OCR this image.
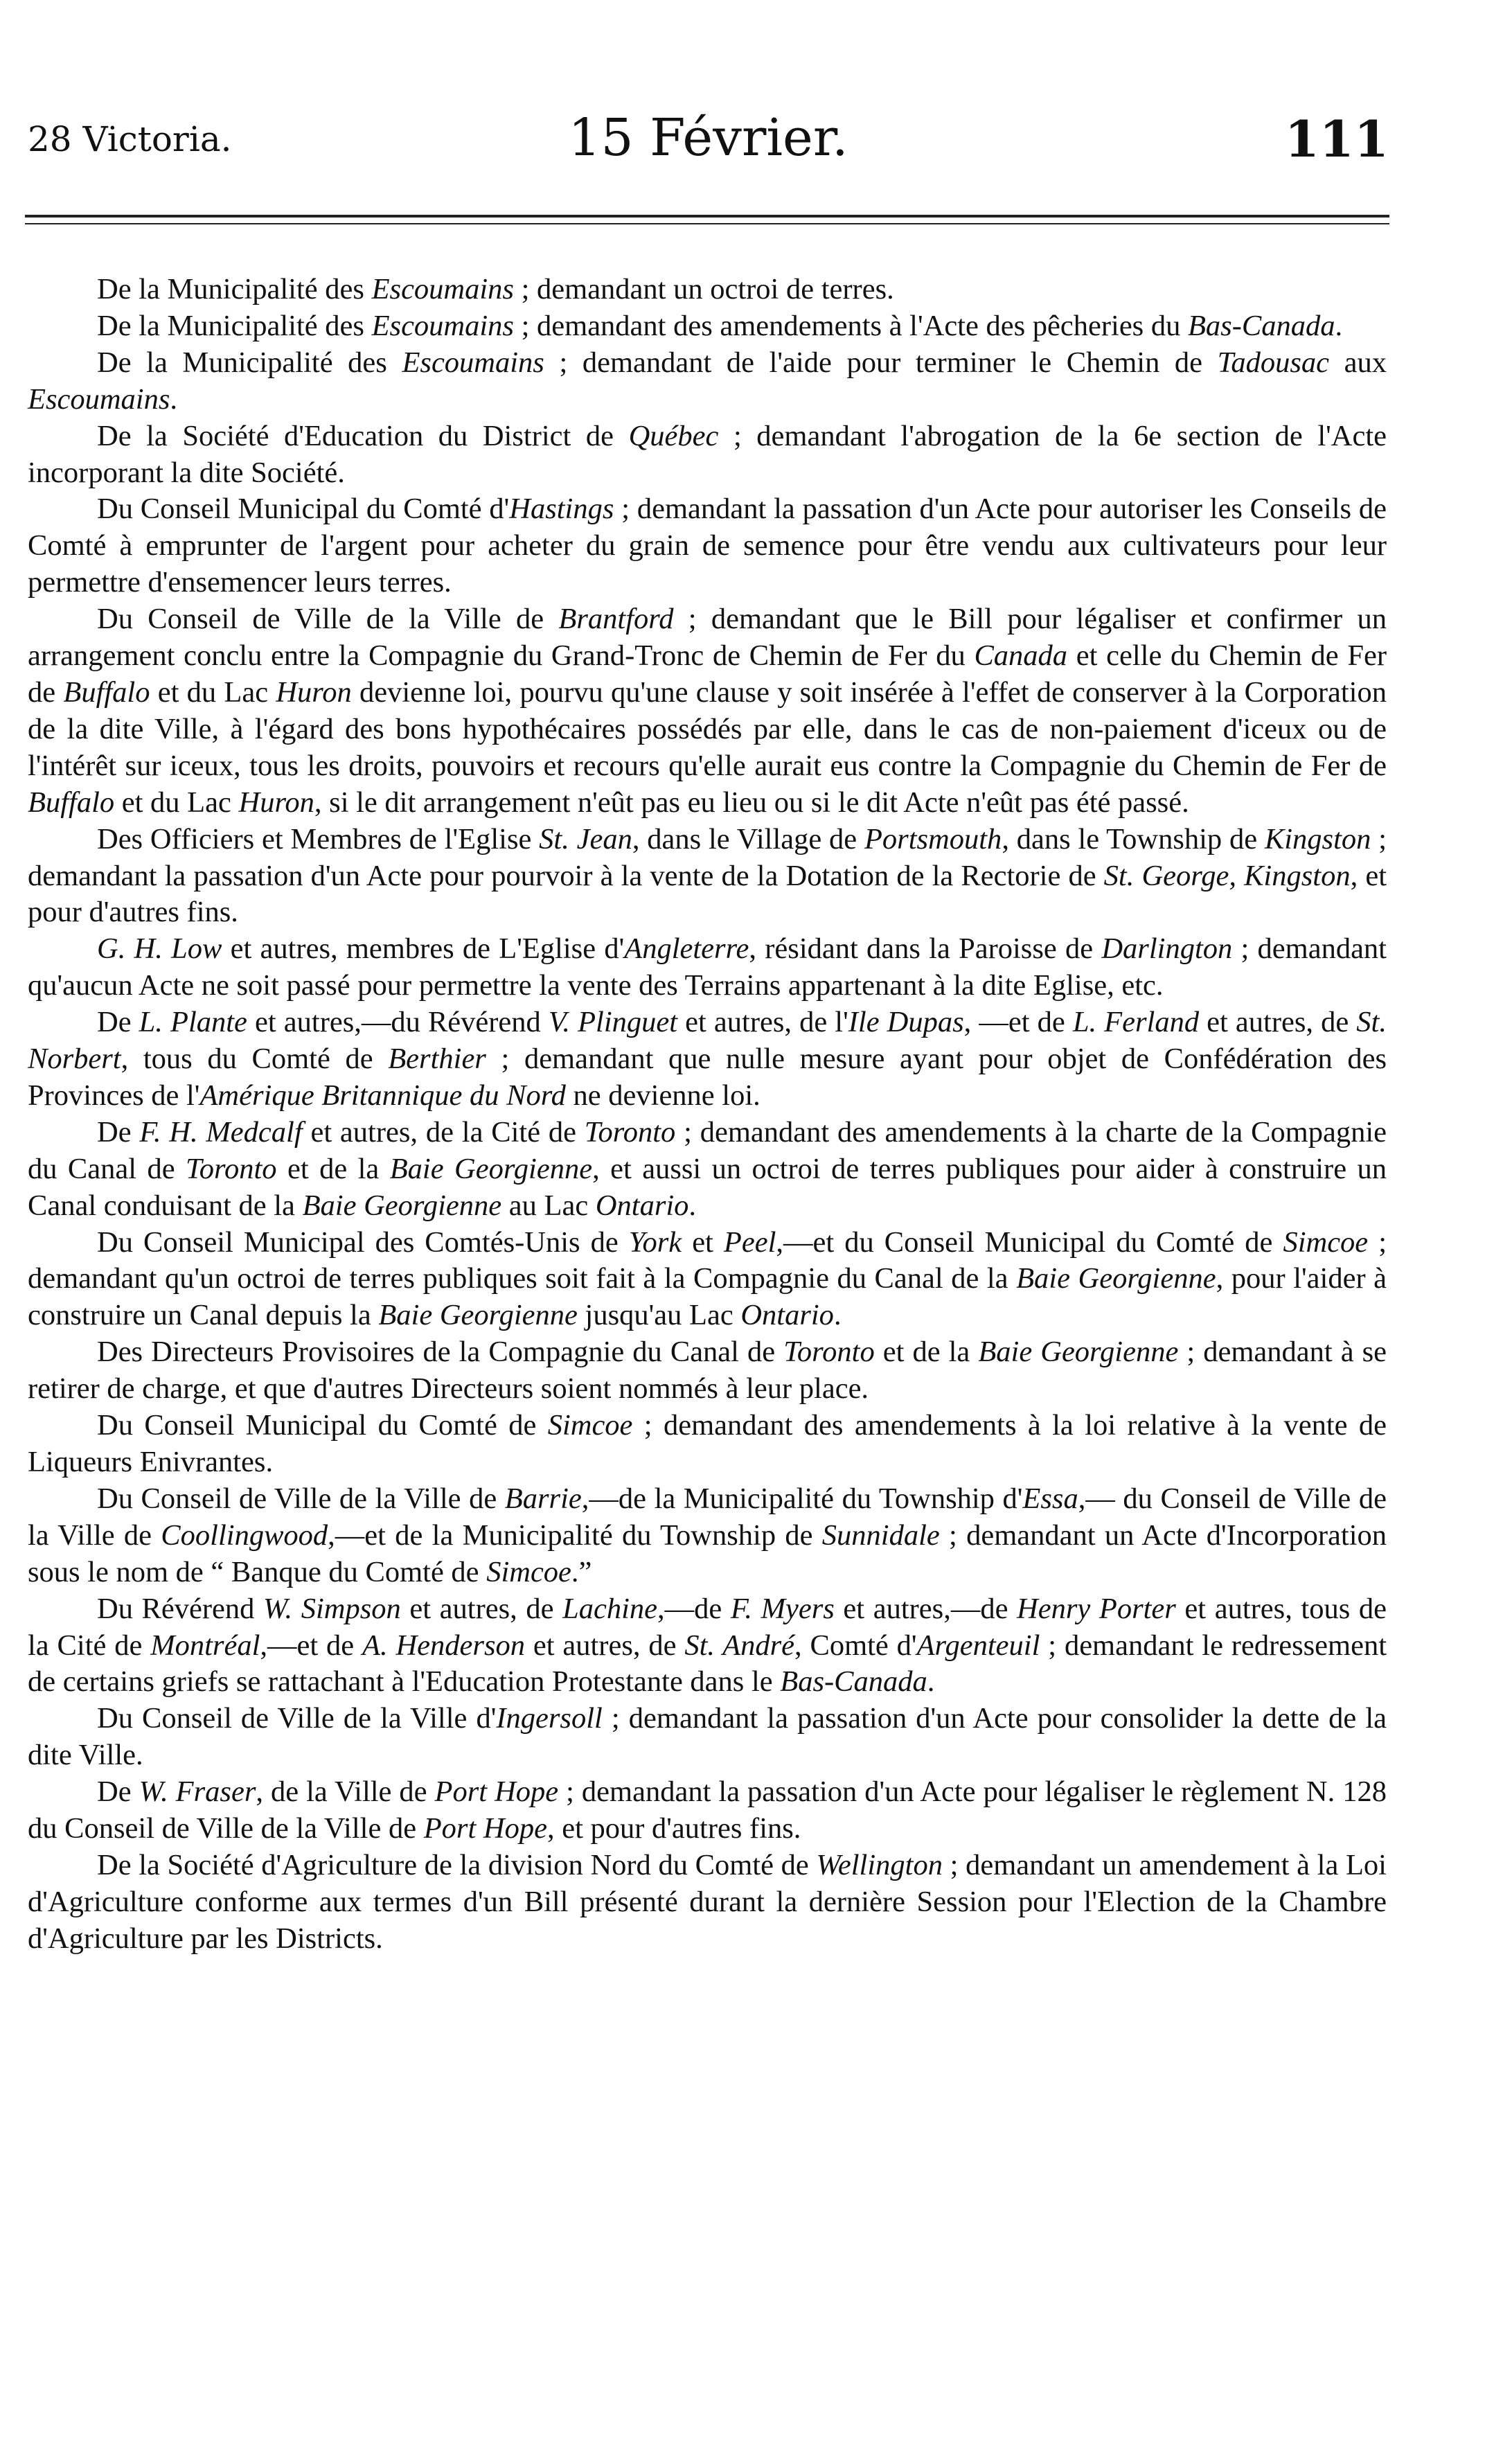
28 Victoria.	15 Février.	111

De la Municipalité des Escoumains ; demandant un octroi de terres.

De la Municipalité des Escoumains ; demandant des amendements à l'Acte des pêcheries du Bas-Canada.

De la Municipalité des Escoumains ; demandant de l'aide pour terminer le Chemin de Tadousac aux Escoumains.

De la Société d'Education du District de Québec ; demandant l'abrogation de la 6e section de l'Acte incorporant la dite Société.

Du Conseil Municipal du Comté d'Hastings ; demandant la passation d'un Acte pour autoriser les Conseils de Comté à emprunter de l'argent pour acheter du grain de semence pour être vendu aux cultivateurs pour leur permettre d'ensemencer leurs terres.

Du Conseil de Ville de la Ville de Brantford ; demandant que le Bill pour légaliser et confirmer un arrangement conclu entre la Compagnie du Grand-Tronc de Chemin de Fer du Canada et celle du Chemin de Fer de Buffalo et du Lac Huron devienne loi, pourvu qu'une clause y soit insérée à l'effet de conserver à la Corporation de la dite Ville, à l'égard des bons hypothécaires possédés par elle, dans le cas de non-paiement d'iceux ou de l'intérêt sur iceux, tous les droits, pouvoirs et recours qu'elle aurait eus contre la Compagnie du Chemin de Fer de Buffalo et du Lac Huron, si le dit arrangement n'eût pas eu lieu ou si le dit Acte n'eût pas été passé.

Des Officiers et Membres de l'Eglise St. Jean, dans le Village de Portsmouth, dans le Township de Kingston ; demandant la passation d'un Acte pour pourvoir à la vente de la Dotation de la Rectorie de St. George, Kingston, et pour d'autres fins.

G. H. Low et autres, membres de L'Eglise d'Angleterre, résidant dans la Paroisse de Darlington ; demandant qu'aucun Acte ne soit passé pour permettre la vente des Terrains appartenant à la dite Eglise, etc.

De L. Plante et autres,—du Révérend V. Plinguet et autres, de l'Ile Dupas, —et de L. Ferland et autres, de St. Norbert, tous du Comté de Berthier ; demandant que nulle mesure ayant pour objet de Confédération des Provinces de l'Amérique Britannique du Nord ne devienne loi.

De F. H. Medcalf et autres, de la Cité de Toronto ; demandant des amendements à la charte de la Compagnie du Canal de Toronto et de la Baie Georgienne, et aussi un octroi de terres publiques pour aider à construire un Canal conduisant de la Baie Georgienne au Lac Ontario.

Du Conseil Municipal des Comtés-Unis de York et Peel,—et du Conseil Municipal du Comté de Simcoe ; demandant qu'un octroi de terres publiques soit fait à la Compagnie du Canal de la Baie Georgienne, pour l'aider à construire un Canal depuis la Baie Georgienne jusqu'au Lac Ontario.

Des Directeurs Provisoires de la Compagnie du Canal de Toronto et de la Baie Georgienne ; demandant à se retirer de charge, et que d'autres Directeurs soient nommés à leur place.

Du Conseil Municipal du Comté de Simcoe ; demandant des amendements à la loi relative à la vente de Liqueurs Enivrantes.

Du Conseil de Ville de la Ville de Barrie,—de la Municipalité du Township d'Essa,— du Conseil de Ville de la Ville de Coollingwood,—et de la Municipalité du Township de Sunnidale ; demandant un Acte d'Incorporation sous le nom de “ Banque du Comté de Simcoe.”

Du Révérend W. Simpson et autres, de Lachine,—de F. Myers et autres,—de Henry Porter et autres, tous de la Cité de Montréal,—et de A. Henderson et autres, de St. André, Comté d'Argenteuil ; demandant le redressement de certains griefs se rattachant à l'Education Protestante dans le Bas-Canada.

Du Conseil de Ville de la Ville d'Ingersoll ; demandant la passation d'un Acte pour consolider la dette de la dite Ville.

De W. Fraser, de la Ville de Port Hope ; demandant la passation d'un Acte pour légaliser le règlement N. 128 du Conseil de Ville de la Ville de Port Hope, et pour d'autres fins.

De la Société d'Agriculture de la division Nord du Comté de Wellington ; demandant un amendement à la Loi d'Agriculture conforme aux termes d'un Bill présenté durant la dernière Session pour l'Election de la Chambre d'Agriculture par les Districts.
